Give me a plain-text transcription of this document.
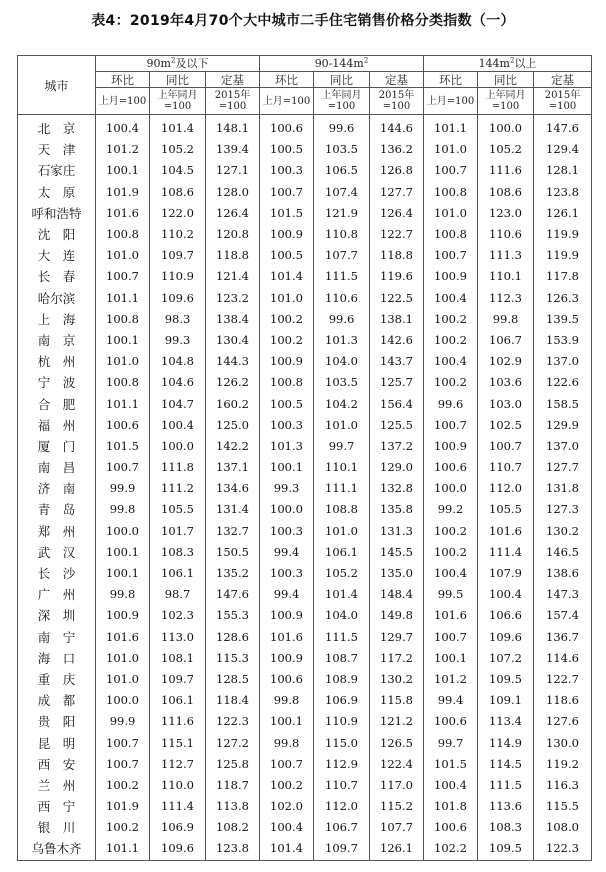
表4：2019年4月70个大中城市二手住宅销售价格分类指数（一）
城市	$90m^2$及以下			$90-144m^2$			$144m^2$以上		
	环比	同比	定基	环比	同比	定基	环比	同比	定基
	上月=100	上年同月=100	2015年=100	上月=100	上年同月=100	2015年=100	上月=100	上年同月=100	2015年=100
北　京	100.4	101.4	148.1	100.6	99.6	144.6	101.1	100.0	147.6
天　津	101.2	105.2	139.4	100.5	103.5	136.2	101.0	105.2	129.4
石家庄	100.1	104.5	127.1	100.3	106.5	126.8	100.7	111.6	128.1
太　原	101.9	108.6	128.0	100.7	107.4	127.7	100.8	108.6	123.8
呼和浩特	101.6	122.0	126.4	101.5	121.9	126.4	101.0	123.0	126.1
沈　阳	100.8	110.2	120.8	100.9	110.8	122.7	100.8	110.6	119.9
大　连	101.0	109.7	118.8	100.5	107.7	118.8	100.7	111.3	119.9
长　春	100.7	110.9	121.4	101.4	111.5	119.6	100.9	110.1	117.8
哈尔滨	101.1	109.6	123.2	101.0	110.6	122.5	100.4	112.3	126.3
上　海	100.8	98.3	138.4	100.2	99.6	138.1	100.2	99.8	139.5
南　京	100.1	99.3	130.4	100.2	101.3	142.6	100.2	106.7	153.9
杭　州	101.0	104.8	144.3	100.9	104.0	143.7	100.4	102.9	137.0
宁　波	100.8	104.6	126.2	100.8	103.5	125.7	100.2	103.6	122.6
合　肥	101.1	104.7	160.2	100.5	104.2	156.4	99.6	103.0	158.5
福　州	100.6	100.4	125.0	100.3	101.0	125.5	100.7	102.5	129.9
厦　门	101.5	100.0	142.2	101.3	99.7	137.2	100.9	100.7	137.0
南　昌	100.7	111.8	137.1	100.1	110.1	129.0	100.6	110.7	127.7
济　南	99.9	111.2	134.6	99.3	111.1	132.8	100.0	112.0	131.8
青　岛	99.8	105.5	131.4	100.0	108.8	135.8	99.2	105.5	127.3
郑　州	100.0	101.7	132.7	100.3	101.0	131.3	100.2	101.6	130.2
武　汉	100.1	108.3	150.5	99.4	106.1	145.5	100.2	111.4	146.5
长　沙	100.1	106.1	135.2	100.3	105.2	135.0	100.4	107.9	138.6
广　州	99.8	98.7	147.6	99.4	101.4	148.4	99.5	100.4	147.3
深　圳	100.9	102.3	155.3	100.9	104.0	149.8	101.6	106.6	157.4
南　宁	101.6	113.0	128.6	101.6	111.5	129.7	100.7	109.6	136.7
海　口	101.0	108.1	115.3	100.9	108.7	117.2	100.1	107.2	114.6
重　庆	101.0	109.7	128.5	100.6	108.9	130.2	101.2	109.5	122.7
成　都	100.0	106.1	118.4	99.8	106.9	115.8	99.4	109.1	118.6
贵　阳	99.9	111.6	122.3	100.1	110.9	121.2	100.6	113.4	127.6
昆　明	100.7	115.1	127.2	99.8	115.0	126.5	99.7	114.9	130.0
西　安	100.7	112.7	125.8	100.7	112.9	122.4	101.5	114.5	119.2
兰　州	100.2	110.0	118.7	100.2	110.7	117.0	100.4	111.5	116.3
西　宁	101.9	111.4	113.8	102.0	112.0	115.2	101.8	113.6	115.5
银　川	100.2	106.9	108.2	100.4	106.7	107.7	100.6	108.3	108.0
乌鲁木齐	101.1	109.6	123.8	101.4	109.7	126.1	102.2	109.5	122.3
